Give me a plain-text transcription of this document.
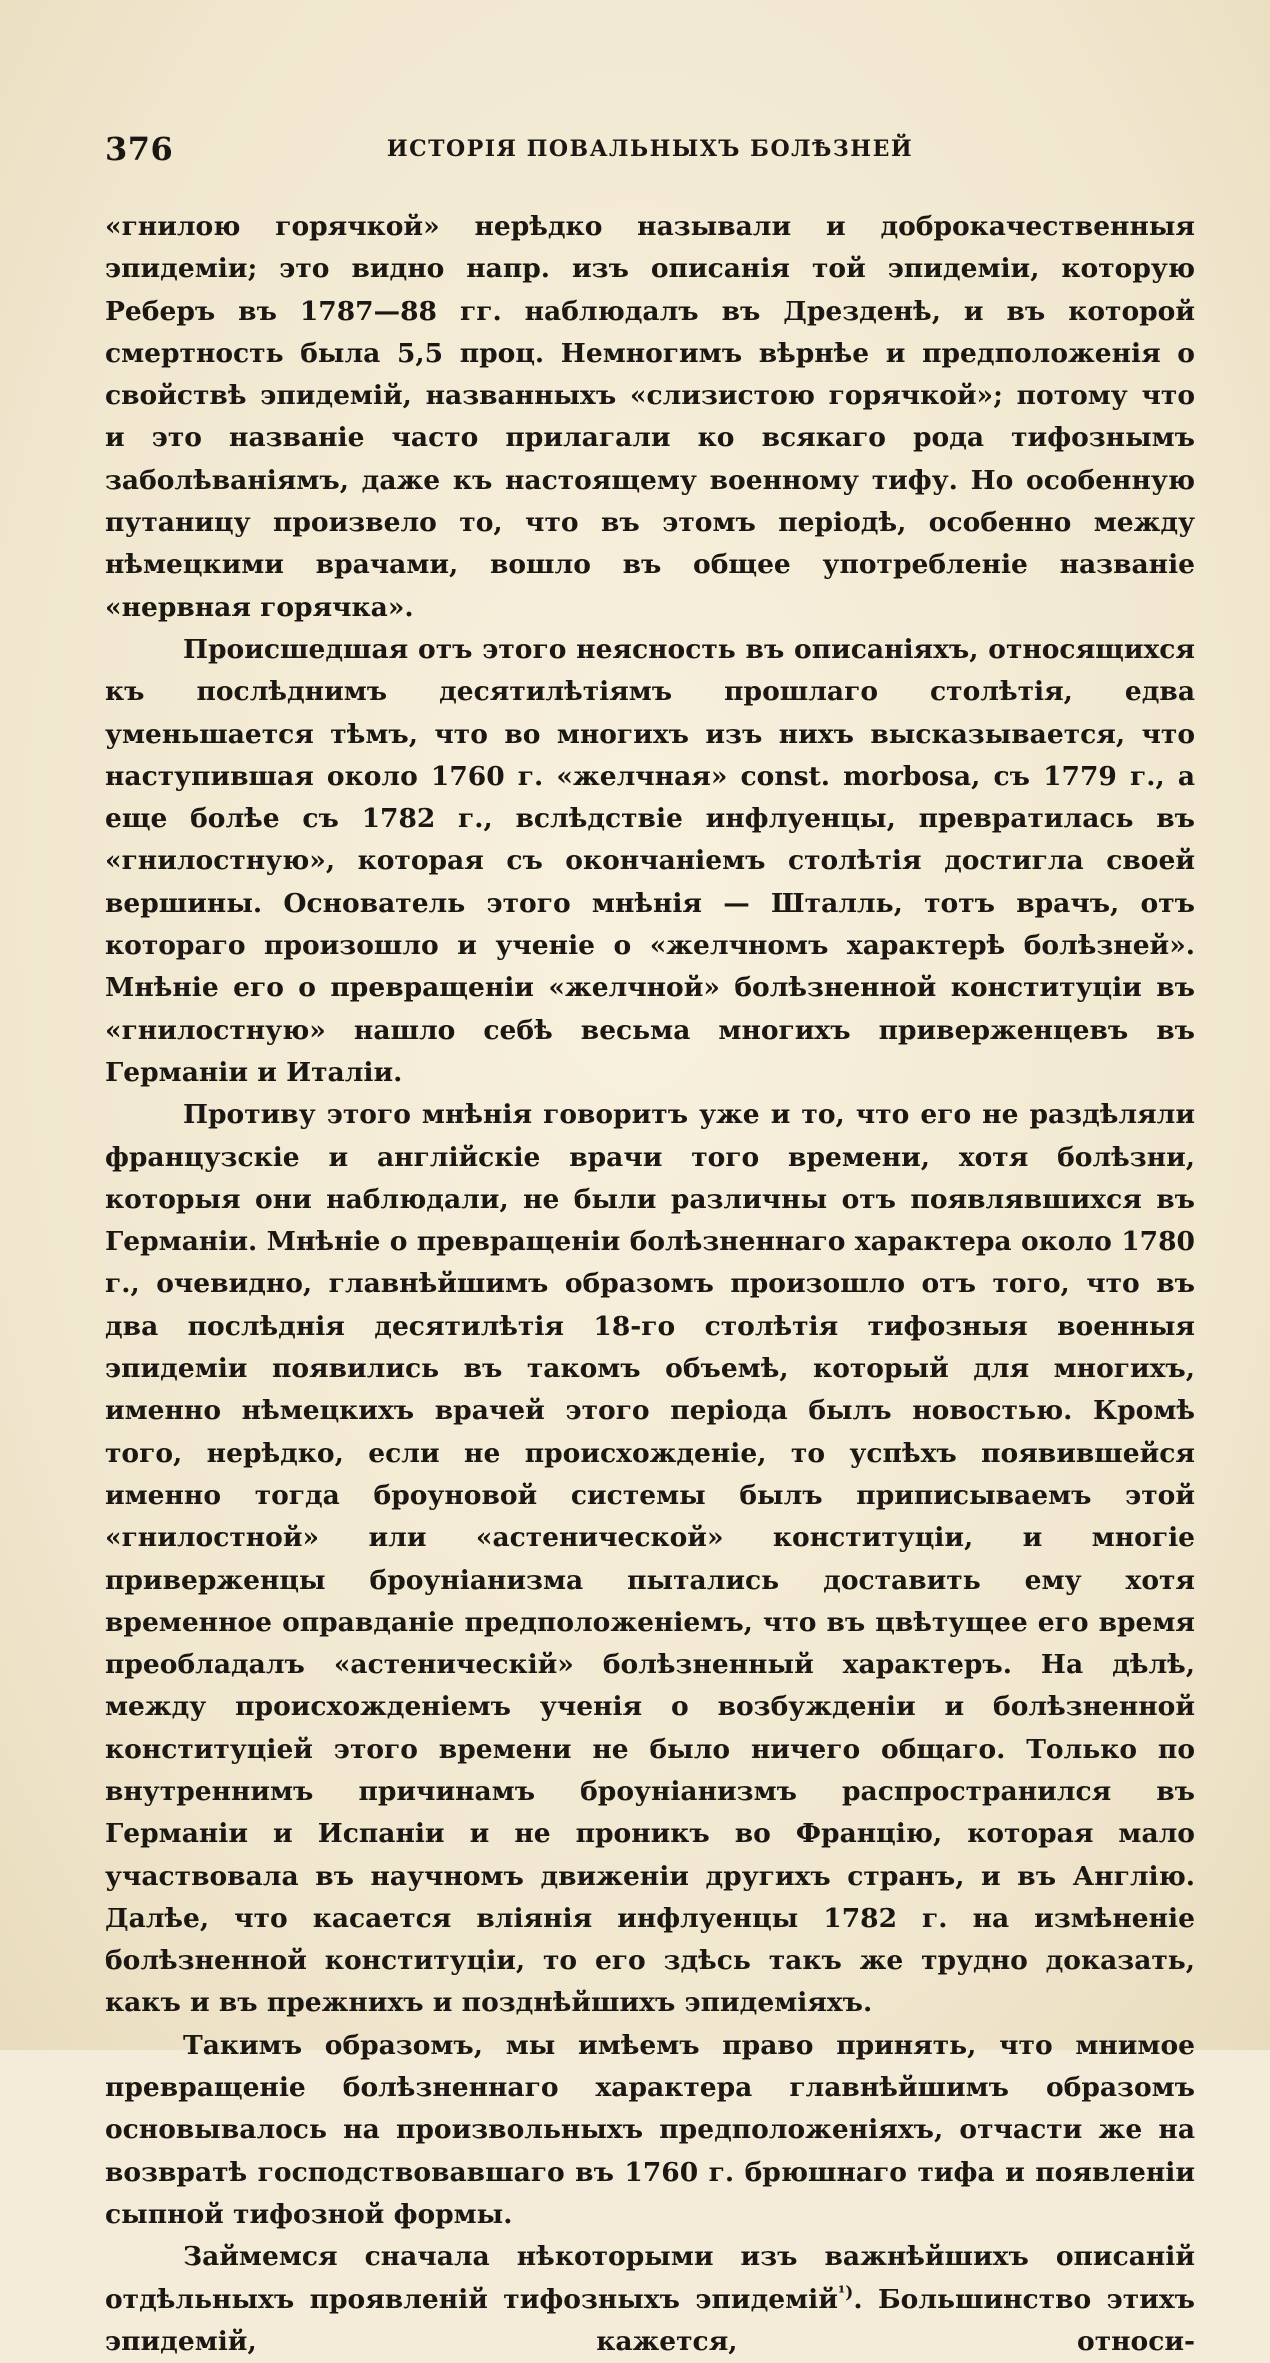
376	ИСТОРІЯ ПОВАЛЬНЫХЪ БОЛѢЗНЕЙ

«гнилою горячкой» нерѣдко называли и доброкачественныя эпидеміи; это видно напр. изъ описанія той эпидеміи, которую Реберъ въ 1787—88 гг. наблюдалъ въ Дрезденѣ, и въ которой смертность была 5,5 проц. Немногимъ вѣрнѣе и предположенія о свойствѣ эпидемій, названныхъ «слизистою горячкой»; потому что и это названіе часто прилагали ко всякаго рода тифознымъ заболѣваніямъ, даже къ настоящему военному тифу. Но особенную путаницу произвело то, что въ этомъ періодѣ, особенно между нѣмецкими врачами, вошло въ общее употребленіе названіе «нервная горячка».

Происшедшая отъ этого неясность въ описаніяхъ, относящихся къ послѣднимъ десятилѣтіямъ прошлаго столѣтія, едва уменьшается тѣмъ, что во многихъ изъ нихъ высказывается, что наступившая около 1760 г. «желчная» const. morbosa, съ 1779 г., а еще болѣе съ 1782 г., вслѣдствіе инфлуенцы, превратилась въ «гнилостную», которая съ окончаніемъ столѣтія достигла своей вершины. Основатель этого мнѣнія — Шталль, тотъ врачъ, отъ котораго произошло и ученіе о «желчномъ характерѣ болѣзней». Мнѣніе его о превращеніи «желчной» болѣзненной конституціи въ «гнилостную» нашло себѣ весьма многихъ приверженцевъ въ Германіи и Италіи.

Противу этого мнѣнія говоритъ уже и то, что его не раздѣляли французскіе и англійскіе врачи того времени, хотя болѣзни, которыя они наблюдали, не были различны отъ появлявшихся въ Германіи. Мнѣніе о превращеніи болѣзненнаго характера около 1780 г., очевидно, главнѣйшимъ образомъ произошло отъ того, что въ два послѣднія десятилѣтія 18-го столѣтія тифозныя военныя эпидеміи появились въ такомъ объемѣ, который для многихъ, именно нѣмецкихъ врачей этого періода былъ новостью. Кромѣ того, нерѣдко, если не происхожденіе, то успѣхъ появившейся именно тогда броуновой системы былъ приписываемъ этой «гнилостной» или «астенической» конституціи, и многіе приверженцы броуніанизма пытались доставить ему хотя временное оправданіе предположеніемъ, что въ цвѣтущее его время преобладалъ «астеническій» болѣзненный характеръ. На дѣлѣ, между происхожденіемъ ученія о возбужденіи и болѣзненной конституціей этого времени не было ничего общаго. Только по внутреннимъ причинамъ броуніанизмъ распространился въ Германіи и Испаніи и не проникъ во Францію, которая мало участвовала въ научномъ движеніи другихъ странъ, и въ Англію. Далѣе, что касается вліянія инфлуенцы 1782 г. на измѣненіе болѣзненной конституціи, то его здѣсь такъ же трудно доказать, какъ и въ прежнихъ и позднѣйшихъ эпидеміяхъ.

Такимъ образомъ, мы имѣемъ право принять, что мнимое превращеніе болѣзненнаго характера главнѣйшимъ образомъ основывалось на произвольныхъ предположеніяхъ, отчасти же на возвратѣ господствовавшаго въ 1760 г. брюшнаго тифа и появленіи сыпной тифозной формы.

Займемся сначала нѣкоторыми изъ важнѣйшихъ описаній отдѣльныхъ проявленій тифозныхъ эпидемій$^{^1)}$. Большинство этихъ эпидемій, кажется, относи-
